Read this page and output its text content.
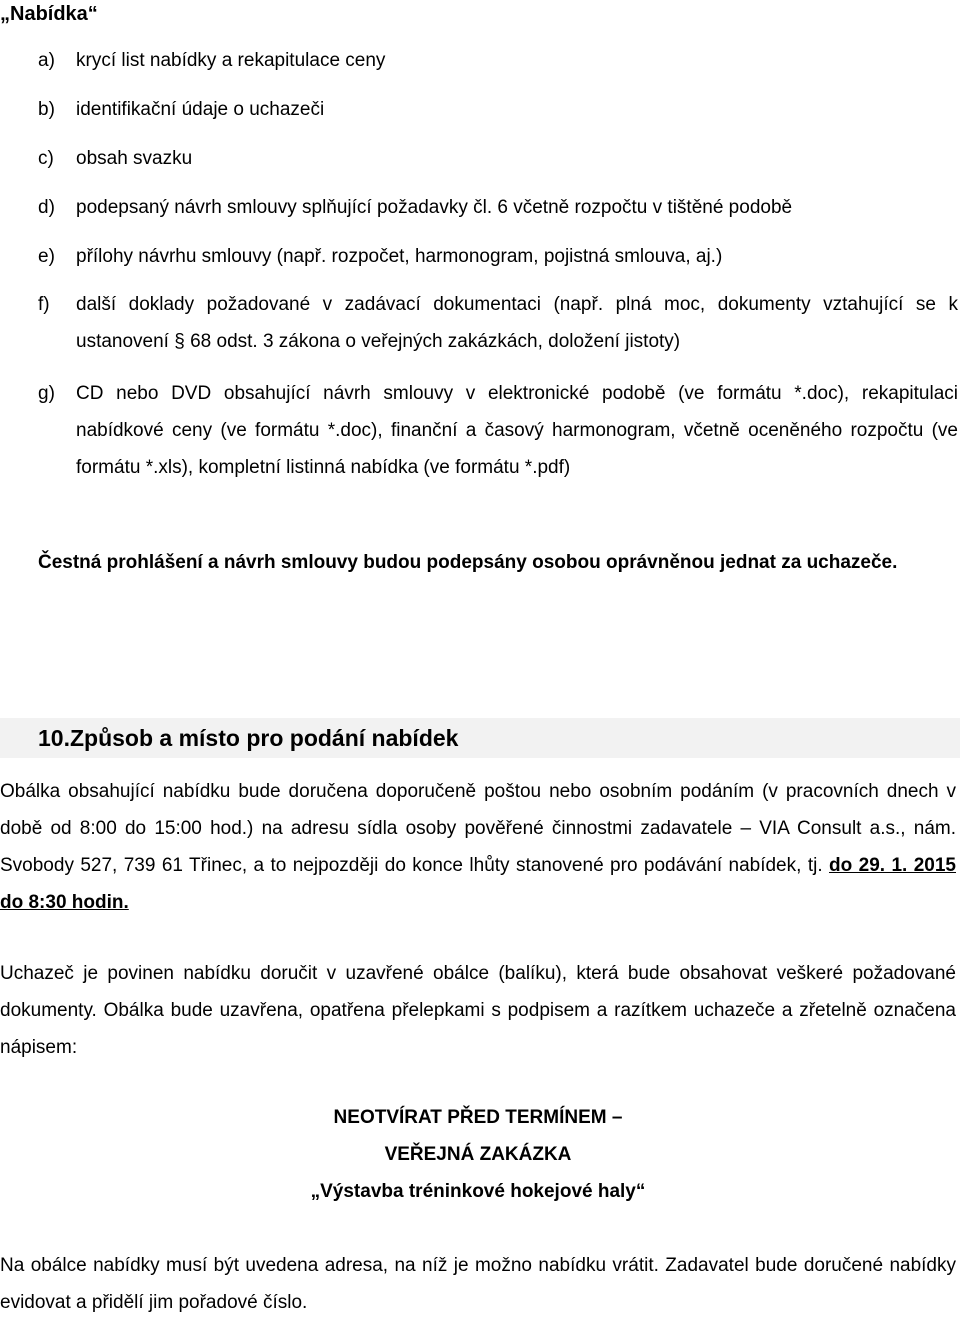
„Nabídka“
a)	krycí list nabídky a rekapitulace ceny
b)	identifikační údaje o uchazeči
c)	obsah svazku
d)	podepsaný návrh smlouvy splňující požadavky čl. 6 včetně rozpočtu v tištěné podobě
e)	přílohy návrhu smlouvy (např. rozpočet, harmonogram, pojistná smlouva, aj.)
f)	další doklady požadované v zadávací dokumentaci (např. plná moc, dokumenty vztahující se k ustanovení § 68 odst. 3 zákona o veřejných zakázkách, doložení jistoty)
g)	CD nebo DVD obsahující návrh smlouvy v elektronické podobě (ve formátu *.doc), rekapitulaci nabídkové ceny (ve formátu *.doc), finanční a časový harmonogram, včetně oceněného rozpočtu (ve formátu *.xls), kompletní listinná nabídka (ve formátu *.pdf)
Čestná prohlášení a návrh smlouvy budou podepsány osobou oprávněnou jednat za uchazeče.
10.Způsob a místo pro podání nabídek
Obálka obsahující nabídku bude doručena doporučeně poštou nebo osobním podáním (v pracovních dnech v době od 8:00 do 15:00 hod.) na adresu sídla osoby pověřené činnostmi zadavatele – VIA Consult a.s., nám. Svobody 527, 739 61 Třinec, a to nejpozději do konce lhůty stanovené pro podávání nabídek, tj. do 29. 1. 2015 do 8:30 hodin.
Uchazeč je povinen nabídku doručit v uzavřené obálce (balíku), která bude obsahovat veškeré požadované dokumenty. Obálka bude uzavřena, opatřena přelepkami s podpisem a razítkem uchazeče a zřetelně označena nápisem:
NEOTVÍRAT PŘED TERMÍNEM –
VEŘEJNÁ ZAKÁZKA
„Výstavba tréninkové hokejové haly“
Na obálce nabídky musí být uvedena adresa, na níž je možno nabídku vrátit. Zadavatel bude doručené nabídky evidovat a přidělí jim pořadové číslo.
